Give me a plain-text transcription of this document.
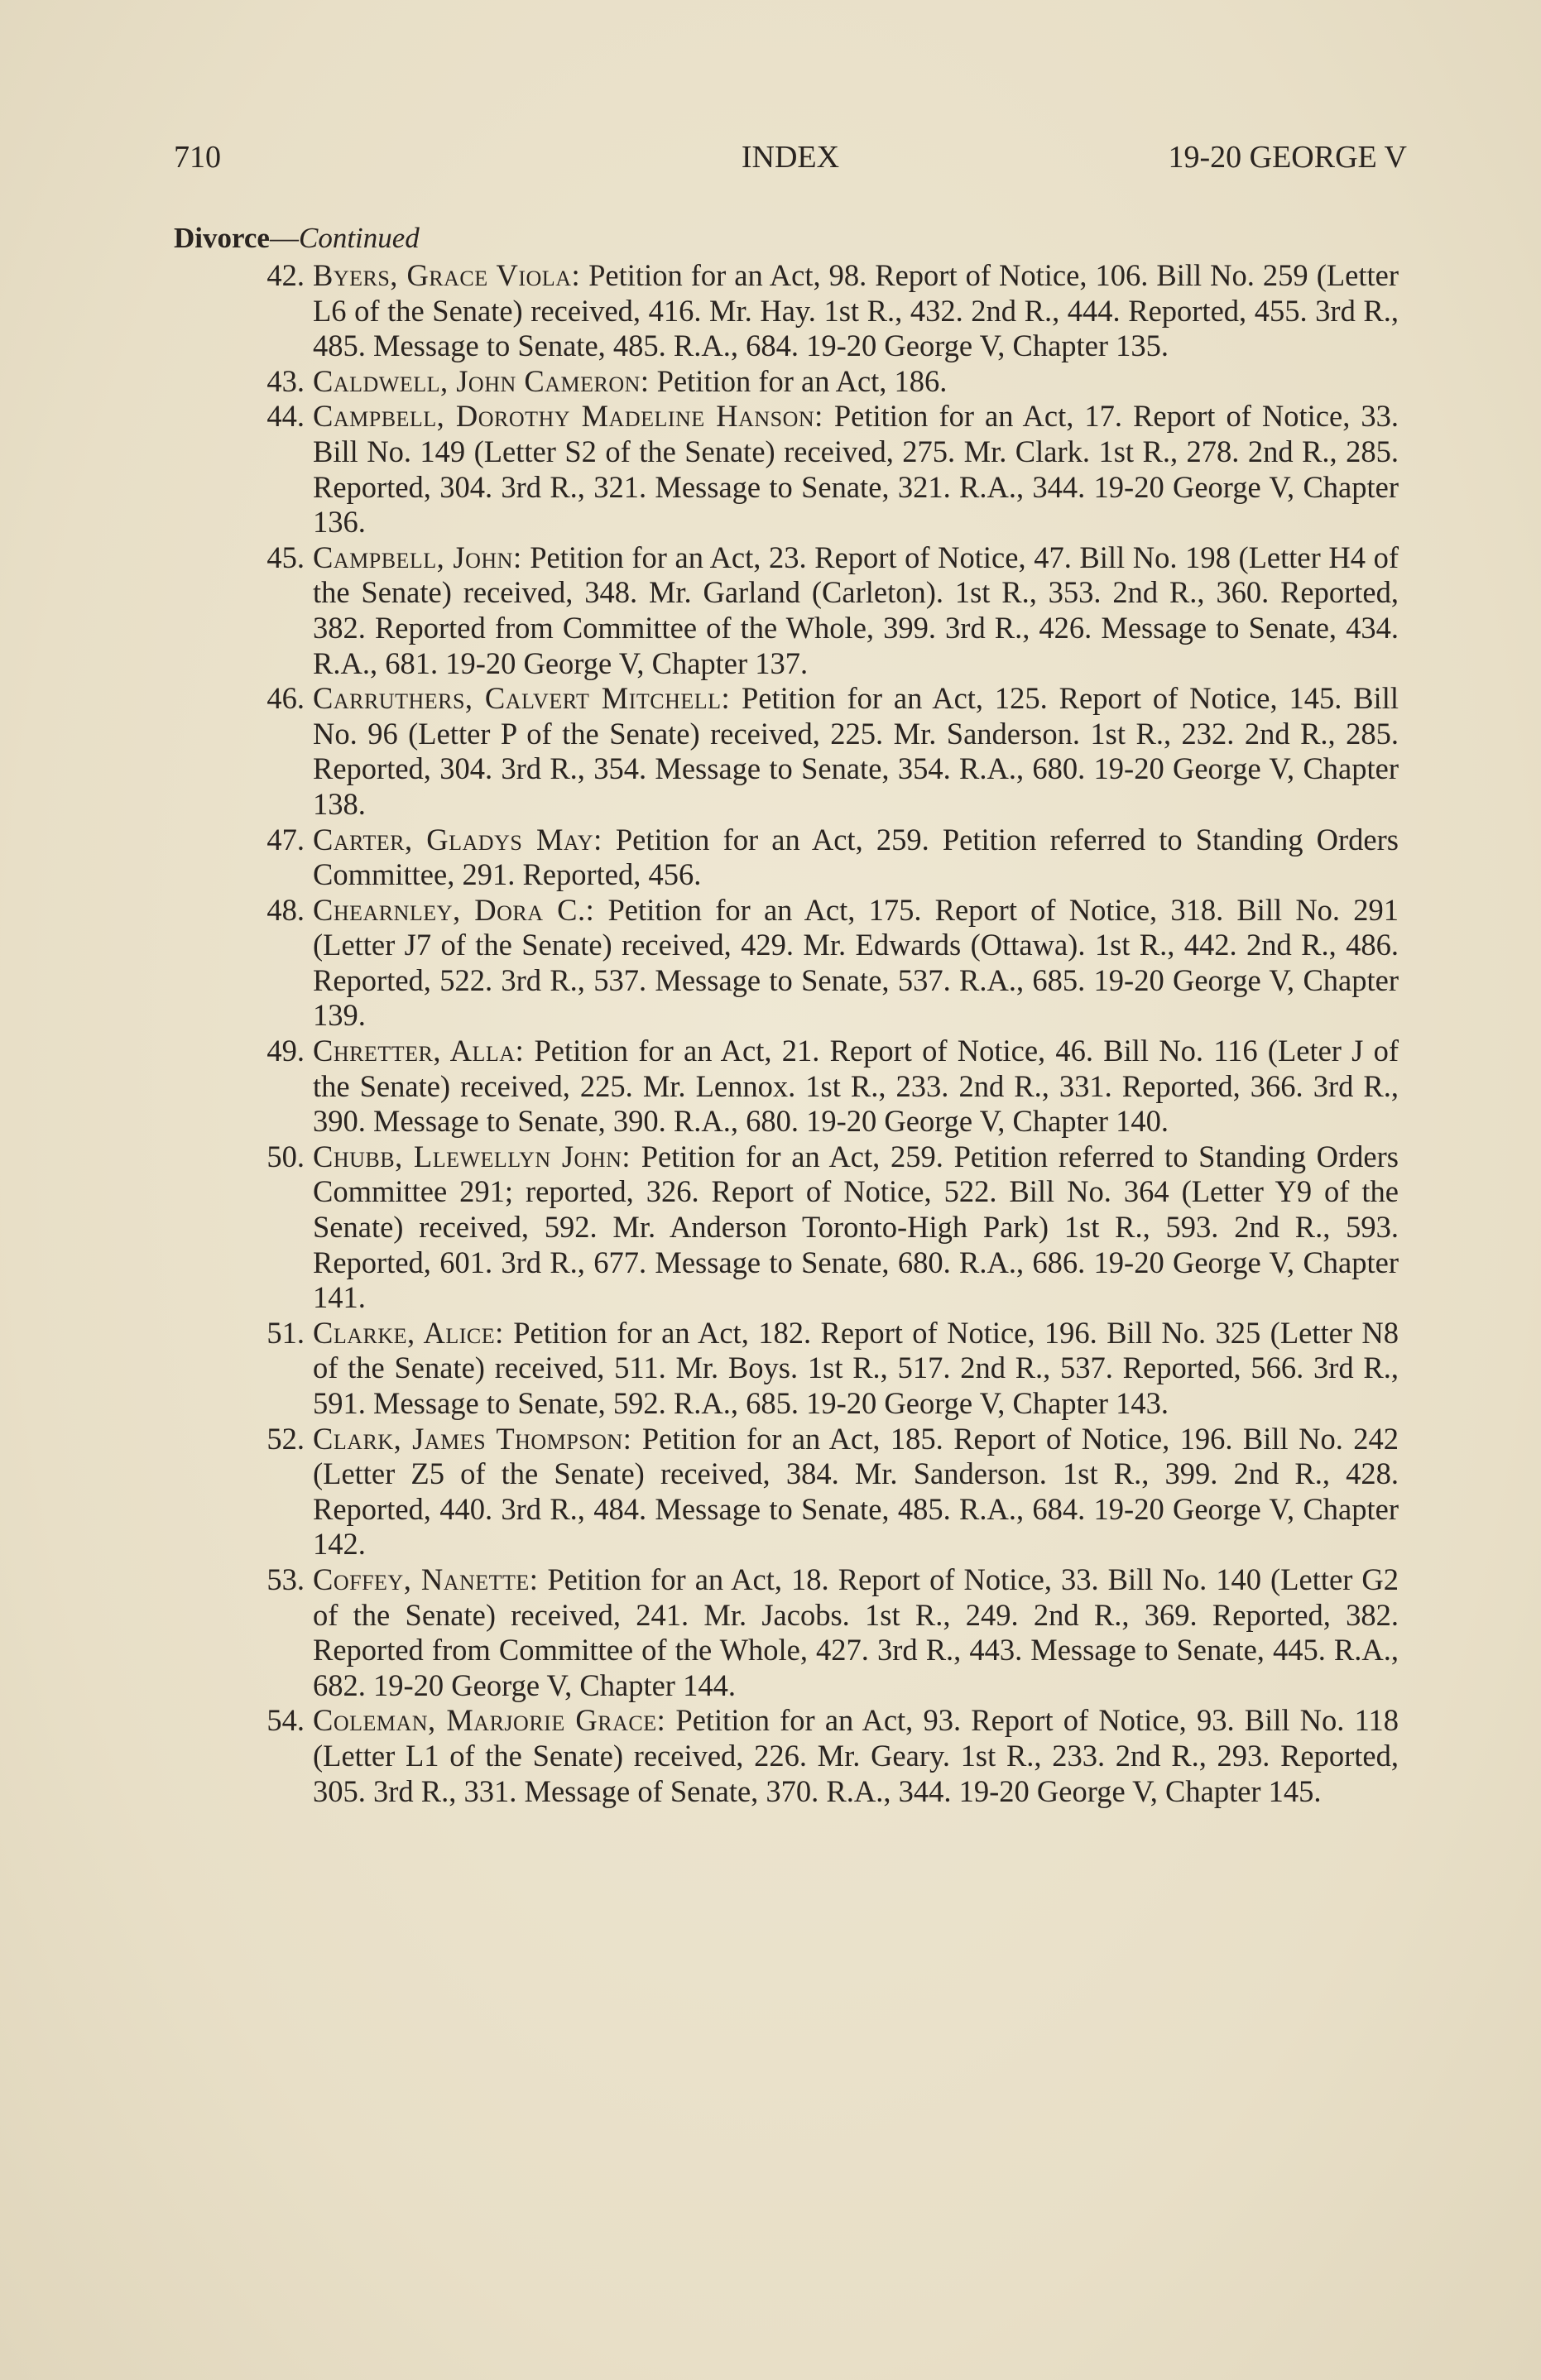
710	INDEX	19-20 GEORGE V
Divorce—Continued
42. Byers, Grace Viola: Petition for an Act, 98. Report of Notice, 106. Bill No. 259 (Letter L6 of the Senate) received, 416. Mr. Hay. 1st R., 432. 2nd R., 444. Reported, 455. 3rd R., 485. Message to Senate, 485. R.A., 684. 19-20 George V, Chapter 135.
43. Caldwell, John Cameron: Petition for an Act, 186.
44. Campbell, Dorothy Madeline Hanson: Petition for an Act, 17. Report of Notice, 33. Bill No. 149 (Letter S2 of the Senate) received, 275. Mr. Clark. 1st R., 278. 2nd R., 285. Reported, 304. 3rd R., 321. Message to Senate, 321. R.A., 344. 19-20 George V, Chapter 136.
45. Campbell, John: Petition for an Act, 23. Report of Notice, 47. Bill No. 198 (Letter H4 of the Senate) received, 348. Mr. Garland (Carleton). 1st R., 353. 2nd R., 360. Reported, 382. Reported from Committee of the Whole, 399. 3rd R., 426. Message to Senate, 434. R.A., 681. 19-20 George V, Chapter 137.
46. Carruthers, Calvert Mitchell: Petition for an Act, 125. Report of Notice, 145. Bill No. 96 (Letter P of the Senate) received, 225. Mr. Sanderson. 1st R., 232. 2nd R., 285. Reported, 304. 3rd R., 354. Message to Senate, 354. R.A., 680. 19-20 George V, Chapter 138.
47. Carter, Gladys May: Petition for an Act, 259. Petition referred to Standing Orders Committee, 291. Reported, 456.
48. Chearnley, Dora C.: Petition for an Act, 175. Report of Notice, 318. Bill No. 291 (Letter J7 of the Senate) received, 429. Mr. Edwards (Ottawa). 1st R., 442. 2nd R., 486. Reported, 522. 3rd R., 537. Message to Senate, 537. R.A., 685. 19-20 George V, Chapter 139.
49. Chretter, Alla: Petition for an Act, 21. Report of Notice, 46. Bill No. 116 (Leter J of the Senate) received, 225. Mr. Lennox. 1st R., 233. 2nd R., 331. Reported, 366. 3rd R., 390. Message to Senate, 390. R.A., 680. 19-20 George V, Chapter 140.
50. Chubb, Llewellyn John: Petition for an Act, 259. Petition referred to Standing Orders Committee 291; reported, 326. Report of Notice, 522. Bill No. 364 (Letter Y9 of the Senate) received, 592. Mr. Anderson Toronto-High Park) 1st R., 593. 2nd R., 593. Reported, 601. 3rd R., 677. Message to Senate, 680. R.A., 686. 19-20 George V, Chapter 141.
51. Clarke, Alice: Petition for an Act, 182. Report of Notice, 196. Bill No. 325 (Letter N8 of the Senate) received, 511. Mr. Boys. 1st R., 517. 2nd R., 537. Reported, 566. 3rd R., 591. Message to Senate, 592. R.A., 685. 19-20 George V, Chapter 143.
52. Clark, James Thompson: Petition for an Act, 185. Report of Notice, 196. Bill No. 242 (Letter Z5 of the Senate) received, 384. Mr. Sanderson. 1st R., 399. 2nd R., 428. Reported, 440. 3rd R., 484. Message to Senate, 485. R.A., 684. 19-20 George V, Chapter 142.
53. Coffey, Nanette: Petition for an Act, 18. Report of Notice, 33. Bill No. 140 (Letter G2 of the Senate) received, 241. Mr. Jacobs. 1st R., 249. 2nd R., 369. Reported, 382. Reported from Committee of the Whole, 427. 3rd R., 443. Message to Senate, 445. R.A., 682. 19-20 George V, Chapter 144.
54. Coleman, Marjorie Grace: Petition for an Act, 93. Report of Notice, 93. Bill No. 118 (Letter L1 of the Senate) received, 226. Mr. Geary. 1st R., 233. 2nd R., 293. Reported, 305. 3rd R., 331. Message of Senate, 370. R.A., 344. 19-20 George V, Chapter 145.
